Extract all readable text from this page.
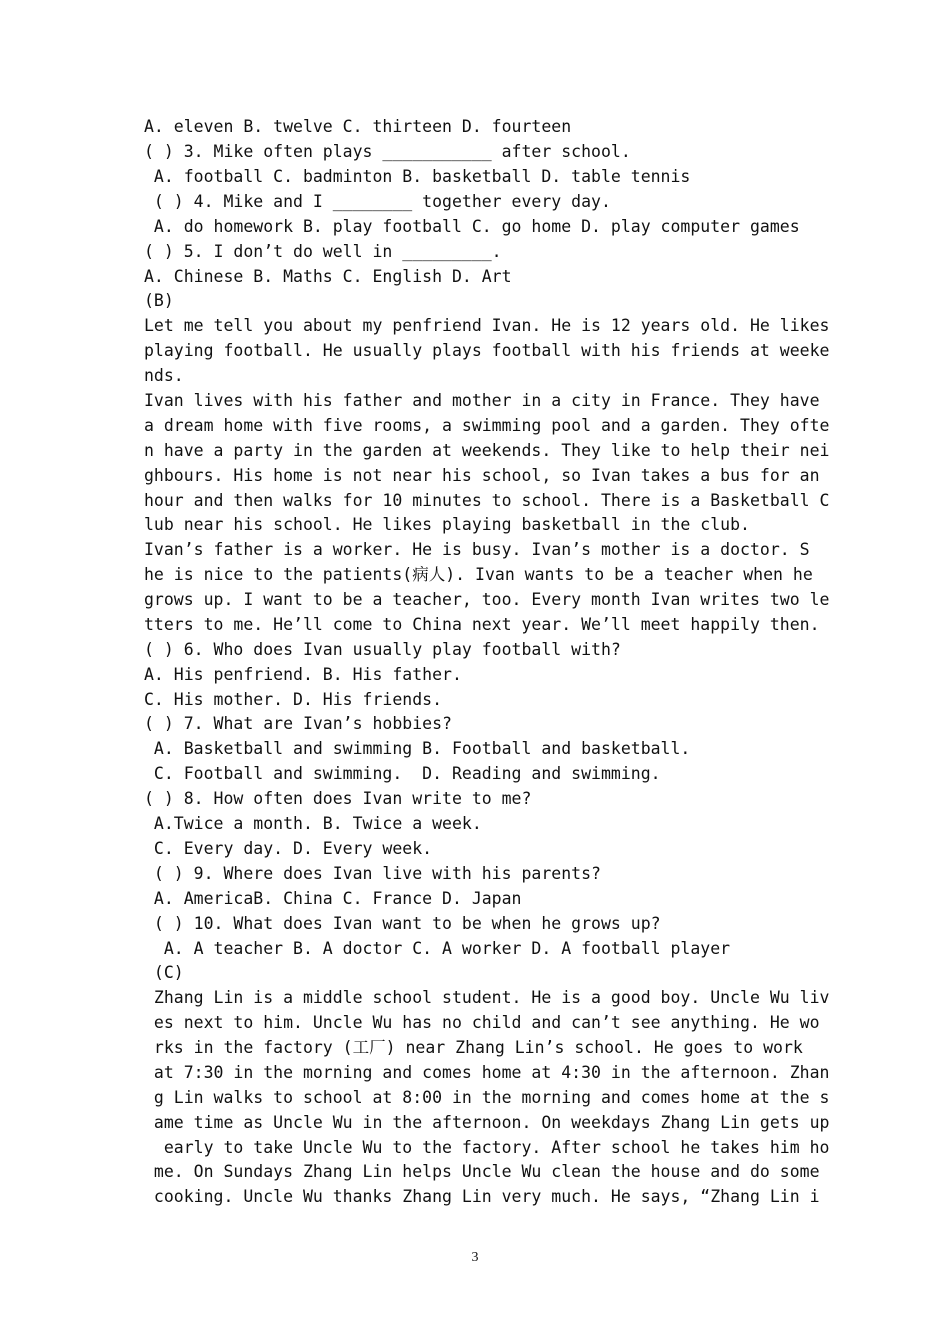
A. eleven B. twelve C. thirteen D. fourteen
( ) 3. Mike often plays ___________ after school.
A. football C. badminton B. basketball D. table tennis
( ) 4. Mike and I ________ together every day.
A. do homework B. play football C. go home D. play computer games
( ) 5. I don’t do well in _________.
A. Chinese B. Maths C. English D. Art
(B)
Let me tell you about my penfriend Ivan. He is 12 years old. He likes
playing football. He usually plays football with his friends at weeke
nds.
Ivan lives with his father and mother in a city in France. They have
a dream home with five rooms, a swimming pool and a garden. They ofte
n have a party in the garden at weekends. They like to help their nei
ghbours. His home is not near his school, so Ivan takes a bus for an
hour and then walks for 10 minutes to school. There is a Basketball C
lub near his school. He likes playing basketball in the club.
Ivan’s father is a worker. He is busy. Ivan’s mother is a doctor. S
he is nice to the patients(病人). Ivan wants to be a teacher when he
grows up. I want to be a teacher, too. Every month Ivan writes two le
tters to me. He’ll come to China next year. We’ll meet happily then.
( ) 6. Who does Ivan usually play football with?
A. His penfriend. B. His father.
C. His mother. D. His friends.
( ) 7. What are Ivan’s hobbies?
A. Basketball and swimming B. Football and basketball.
C. Football and swimming.  D. Reading and swimming.
( ) 8. How often does Ivan write to me?
A.Twice a month. B. Twice a week.
C. Every day. D. Every week.
( ) 9. Where does Ivan live with his parents?
A. AmericaB. China C. France D. Japan
( ) 10. What does Ivan want to be when he grows up?
A. A teacher B. A doctor C. A worker D. A football player
(C)
Zhang Lin is a middle school student. He is a good boy. Uncle Wu liv
es next to him. Uncle Wu has no child and can’t see anything. He wo
rks in the factory (工厂) near Zhang Lin’s school. He goes to work
at 7:30 in the morning and comes home at 4:30 in the afternoon. Zhan
g Lin walks to school at 8:00 in the morning and comes home at the s
ame time as Uncle Wu in the afternoon. On weekdays Zhang Lin gets up
early to take Uncle Wu to the factory. After school he takes him ho
me. On Sundays Zhang Lin helps Uncle Wu clean the house and do some
cooking. Uncle Wu thanks Zhang Lin very much. He says, “Zhang Lin i
3
